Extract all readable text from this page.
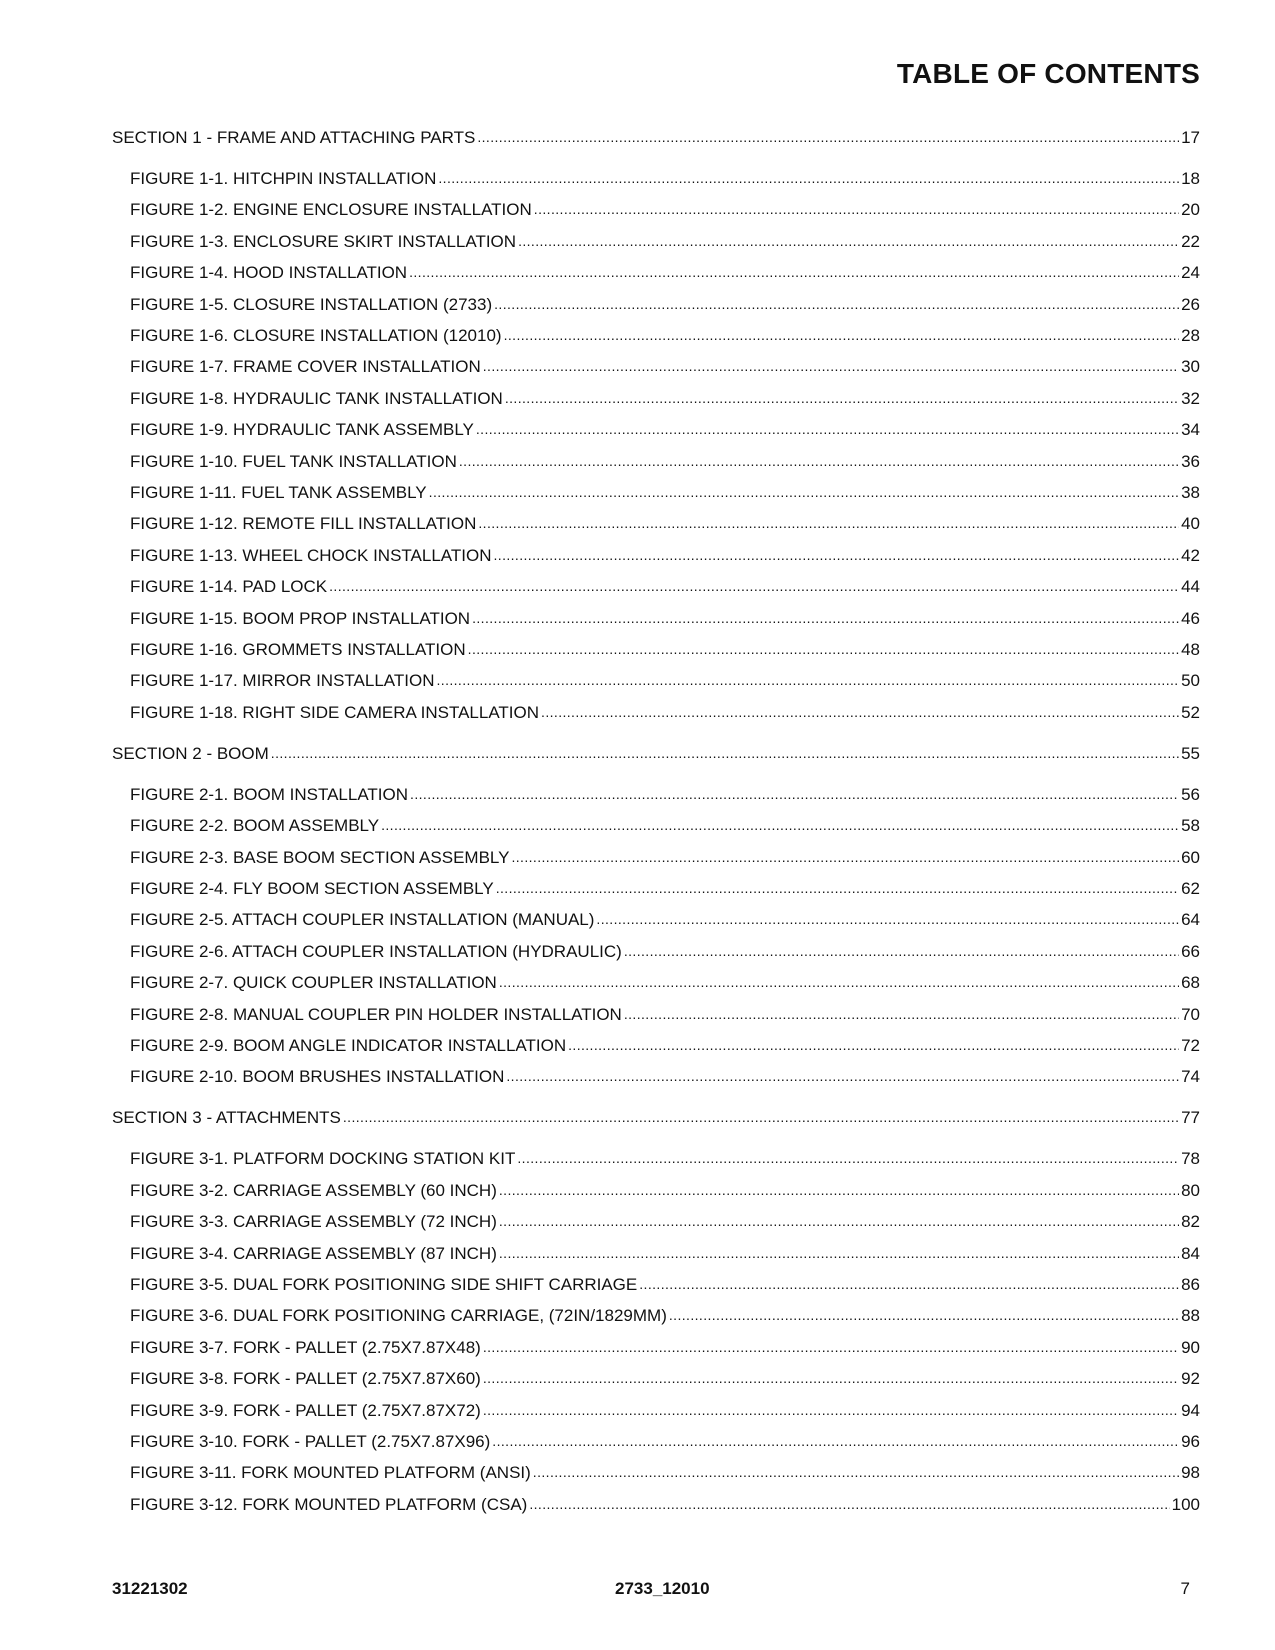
TABLE OF CONTENTS
SECTION 1 - FRAME AND ATTACHING PARTS .....	17
FIGURE 1-1. HITCHPIN INSTALLATION .....	18
FIGURE 1-2. ENGINE ENCLOSURE INSTALLATION .....	20
FIGURE 1-3. ENCLOSURE SKIRT INSTALLATION .....	22
FIGURE 1-4. HOOD INSTALLATION .....	24
FIGURE 1-5. CLOSURE INSTALLATION (2733) .....	26
FIGURE 1-6. CLOSURE INSTALLATION (12010) .....	28
FIGURE 1-7. FRAME COVER INSTALLATION .....	30
FIGURE 1-8. HYDRAULIC TANK INSTALLATION .....	32
FIGURE 1-9. HYDRAULIC TANK ASSEMBLY .....	34
FIGURE 1-10. FUEL TANK INSTALLATION .....	36
FIGURE 1-11. FUEL TANK ASSEMBLY .....	38
FIGURE 1-12. REMOTE FILL INSTALLATION .....	40
FIGURE 1-13. WHEEL CHOCK INSTALLATION .....	42
FIGURE 1-14. PAD LOCK .....	44
FIGURE 1-15. BOOM PROP INSTALLATION .....	46
FIGURE 1-16. GROMMETS INSTALLATION .....	48
FIGURE 1-17. MIRROR INSTALLATION .....	50
FIGURE 1-18. RIGHT SIDE CAMERA INSTALLATION .....	52
SECTION 2 - BOOM .....	55
FIGURE 2-1. BOOM INSTALLATION .....	56
FIGURE 2-2. BOOM ASSEMBLY .....	58
FIGURE 2-3. BASE BOOM SECTION ASSEMBLY .....	60
FIGURE 2-4. FLY BOOM SECTION ASSEMBLY .....	62
FIGURE 2-5. ATTACH COUPLER INSTALLATION (MANUAL) .....	64
FIGURE 2-6. ATTACH COUPLER INSTALLATION (HYDRAULIC) .....	66
FIGURE 2-7. QUICK COUPLER INSTALLATION .....	68
FIGURE 2-8. MANUAL COUPLER PIN HOLDER INSTALLATION .....	70
FIGURE 2-9. BOOM ANGLE INDICATOR INSTALLATION .....	72
FIGURE 2-10. BOOM BRUSHES INSTALLATION .....	74
SECTION 3 - ATTACHMENTS .....	77
FIGURE 3-1. PLATFORM DOCKING STATION KIT .....	78
FIGURE 3-2. CARRIAGE ASSEMBLY (60 INCH) .....	80
FIGURE 3-3. CARRIAGE ASSEMBLY (72 INCH) .....	82
FIGURE 3-4. CARRIAGE ASSEMBLY (87 INCH) .....	84
FIGURE 3-5. DUAL FORK POSITIONING SIDE SHIFT CARRIAGE .....	86
FIGURE 3-6. DUAL FORK POSITIONING CARRIAGE, (72IN/1829MM) .....	88
FIGURE 3-7. FORK - PALLET (2.75X7.87X48) .....	90
FIGURE 3-8. FORK - PALLET (2.75X7.87X60) .....	92
FIGURE 3-9. FORK - PALLET (2.75X7.87X72) .....	94
FIGURE 3-10. FORK - PALLET (2.75X7.87X96) .....	96
FIGURE 3-11. FORK MOUNTED PLATFORM (ANSI) .....	98
FIGURE 3-12. FORK MOUNTED PLATFORM (CSA) .....	100
31221302	2733_12010	7
